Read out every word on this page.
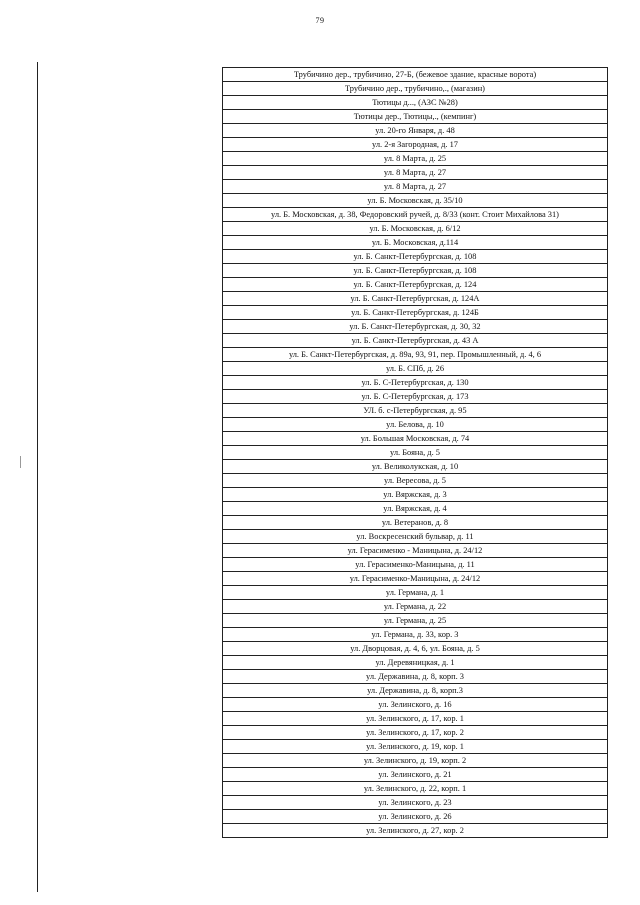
79
Трубичино дер., трубичино, 27-Б, (бежевое здание, красные ворота)
Трубичино дер., трубичино,., (магазин)
Тютицы д..., (АЗС №28)
Тютицы дер., Тютицы,., (кемпинг)
ул. 20-го Января, д. 48
ул. 2-я Загородная, д. 17
ул. 8 Марта, д. 25
ул. 8 Марта, д. 27
ул. 8 Марта, д. 27
ул. Б. Московская, д. 35/10
ул. Б. Московская, д. 38, Федоровский ручей, д. 8/33 (конт. Стоит Михайлова 31)
ул. Б. Московская, д. 6/12
ул. Б. Московская, д.114
ул. Б. Санкт-Петербургская, д. 108
ул. Б. Санкт-Петербургская, д. 108
ул. Б. Санкт-Петербургская, д. 124
ул. Б. Санкт-Петербургская, д. 124А
ул. Б. Санкт-Петербургская, д. 124Б
ул. Б. Санкт-Петербургская, д. 30, 32
ул. Б. Санкт-Петербургская, д. 43 А
ул. Б. Санкт-Петербургская, д. 89а, 93, 91, пер. Промышленный, д. 4, 6
ул. Б. СПб, д. 26
ул. Б. С-Петербургская, д. 130
ул. Б. С-Петербургская, д. 173
УЛ. б. с-Петербургская, д. 95
ул. Белова, д. 10
ул. Большая Московская, д. 74
ул. Бояна, д. 5
ул. Великолукская, д. 10
ул. Вересова, д. 5
ул. Вяржская, д. 3
ул. Вяржская, д. 4
ул. Ветеранов, д. 8
ул. Воскресенский бульвар, д. 11
ул. Герасименко - Маницына, д. 24/12
ул. Герасименко-Маницына, д. 11
ул. Герасименко-Маницына, д. 24/12
ул. Германа, д. 1
ул. Германа, д. 22
ул. Германа, д. 25
ул. Германа, д. 33, кор. 3
ул. Дворцовая, д. 4, 6, ул. Бояна, д. 5
ул. Деревяницкая, д. 1
ул. Державина, д. 8, корп. 3
ул. Державина, д. 8, корп.3
ул. Зелинского, д. 16
ул. Зелинского, д. 17, кор. 1
ул. Зелинского, д. 17, кор. 2
ул. Зелинского, д. 19, кор. 1
ул. Зелинского, д. 19, корп. 2
ул. Зелинского, д. 21
ул. Зелинского, д. 22, корп. 1
ул. Зелинского, д. 23
ул. Зелинского, д. 26
ул. Зелинского, д. 27, кор. 2
